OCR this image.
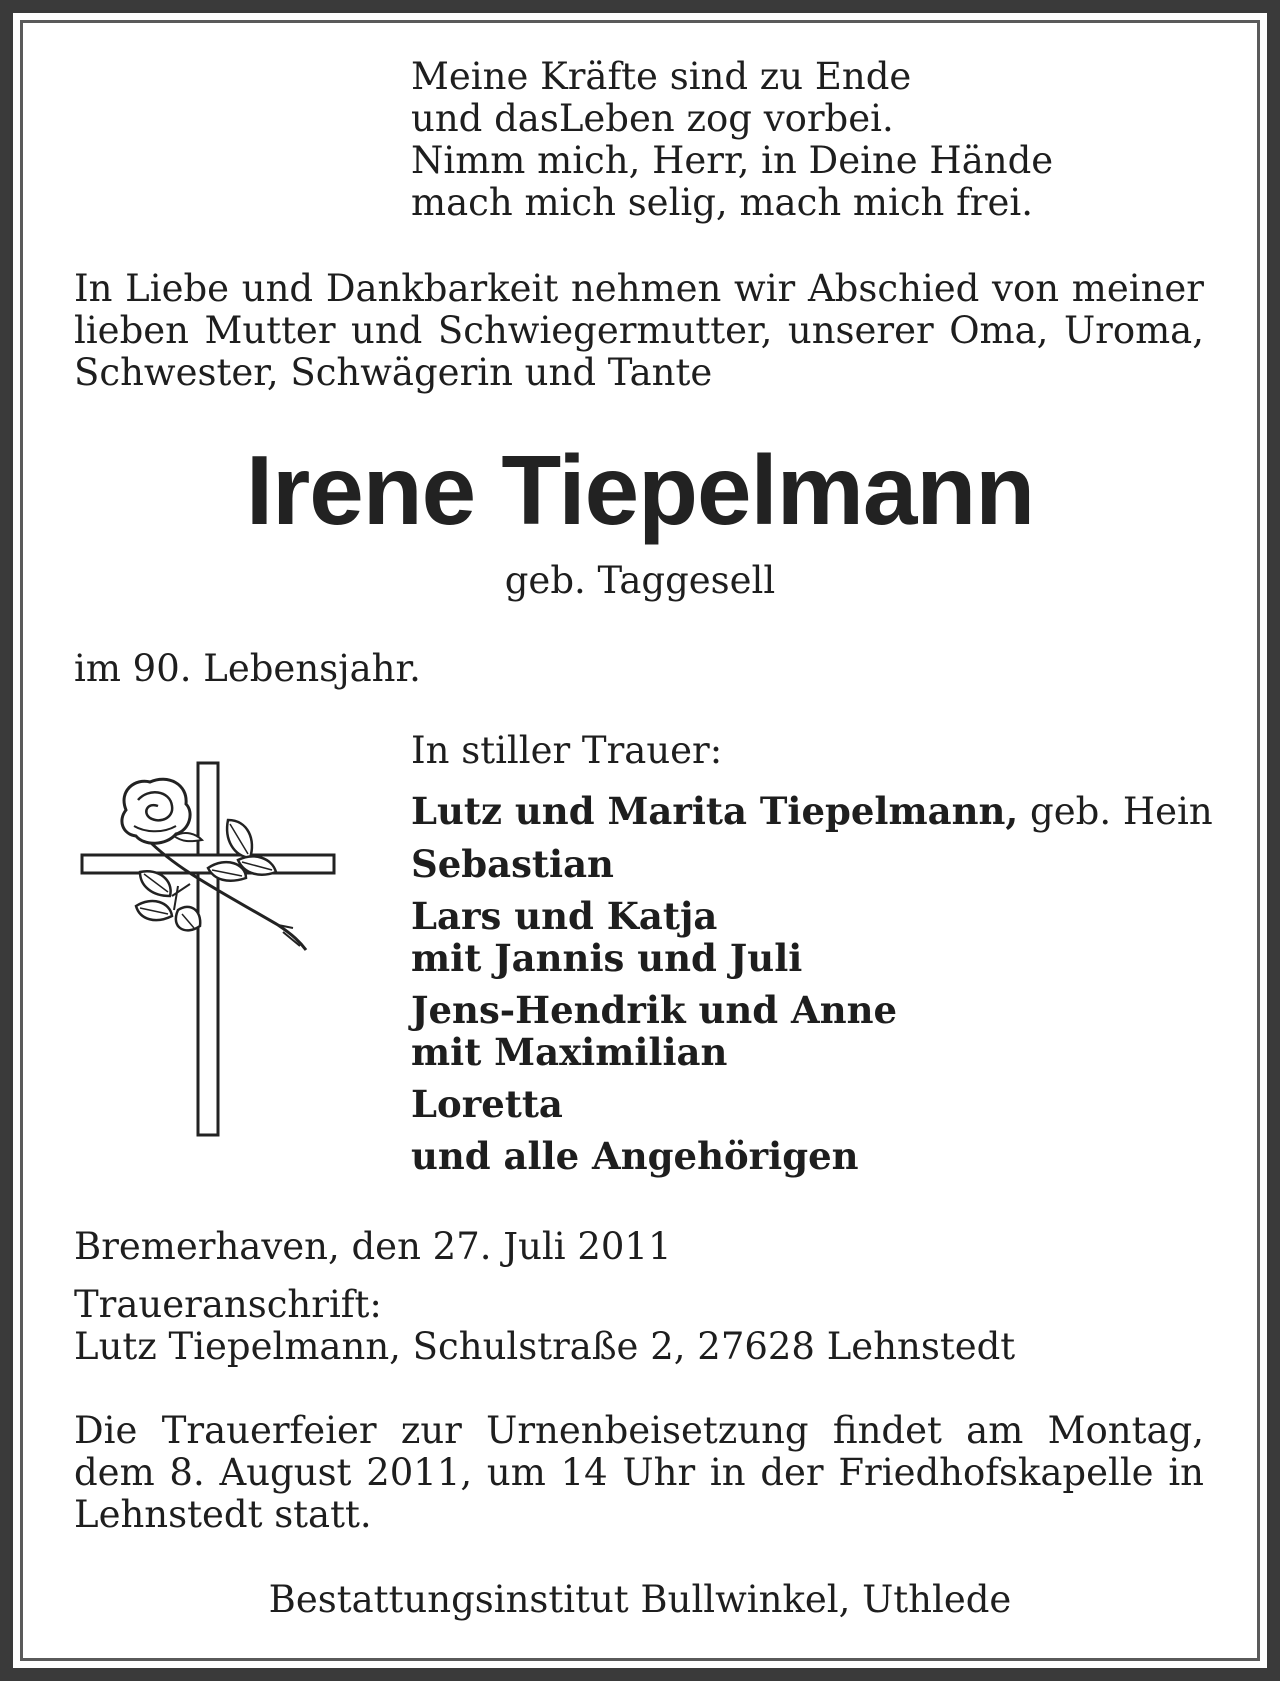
Meine Kräfte sind zu Ende
und dasLeben zog vorbei.
Nimm mich, Herr, in Deine Hände
mach mich selig, mach mich frei.

In Liebe und Dankbarkeit nehmen wir Abschied von meiner lieben Mutter und Schwiegermutter, unserer Oma, Uroma, Schwester, Schwägerin und Tante

Irene Tiepelmann
geb. Taggesell
im 90. Lebensjahr.
In stiller Trauer:
Lutz und Marita Tiepelmann, geb. Hein
Sebastian
Lars und Katja
mit Jannis und Juli
Jens-Hendrik und Anne
mit Maximilian
Loretta
und alle Angehörigen
Bremerhaven, den 27. Juli 2011
Traueranschrift:
Lutz Tiepelmann, Schulstraße 2, 27628 Lehnstedt

Die Trauerfeier zur Urnenbeisetzung findet am Montag, dem 8. August 2011, um 14 Uhr in der Friedhofskapelle in Lehnstedt statt.

Bestattungsinstitut Bullwinkel, Uthlede
